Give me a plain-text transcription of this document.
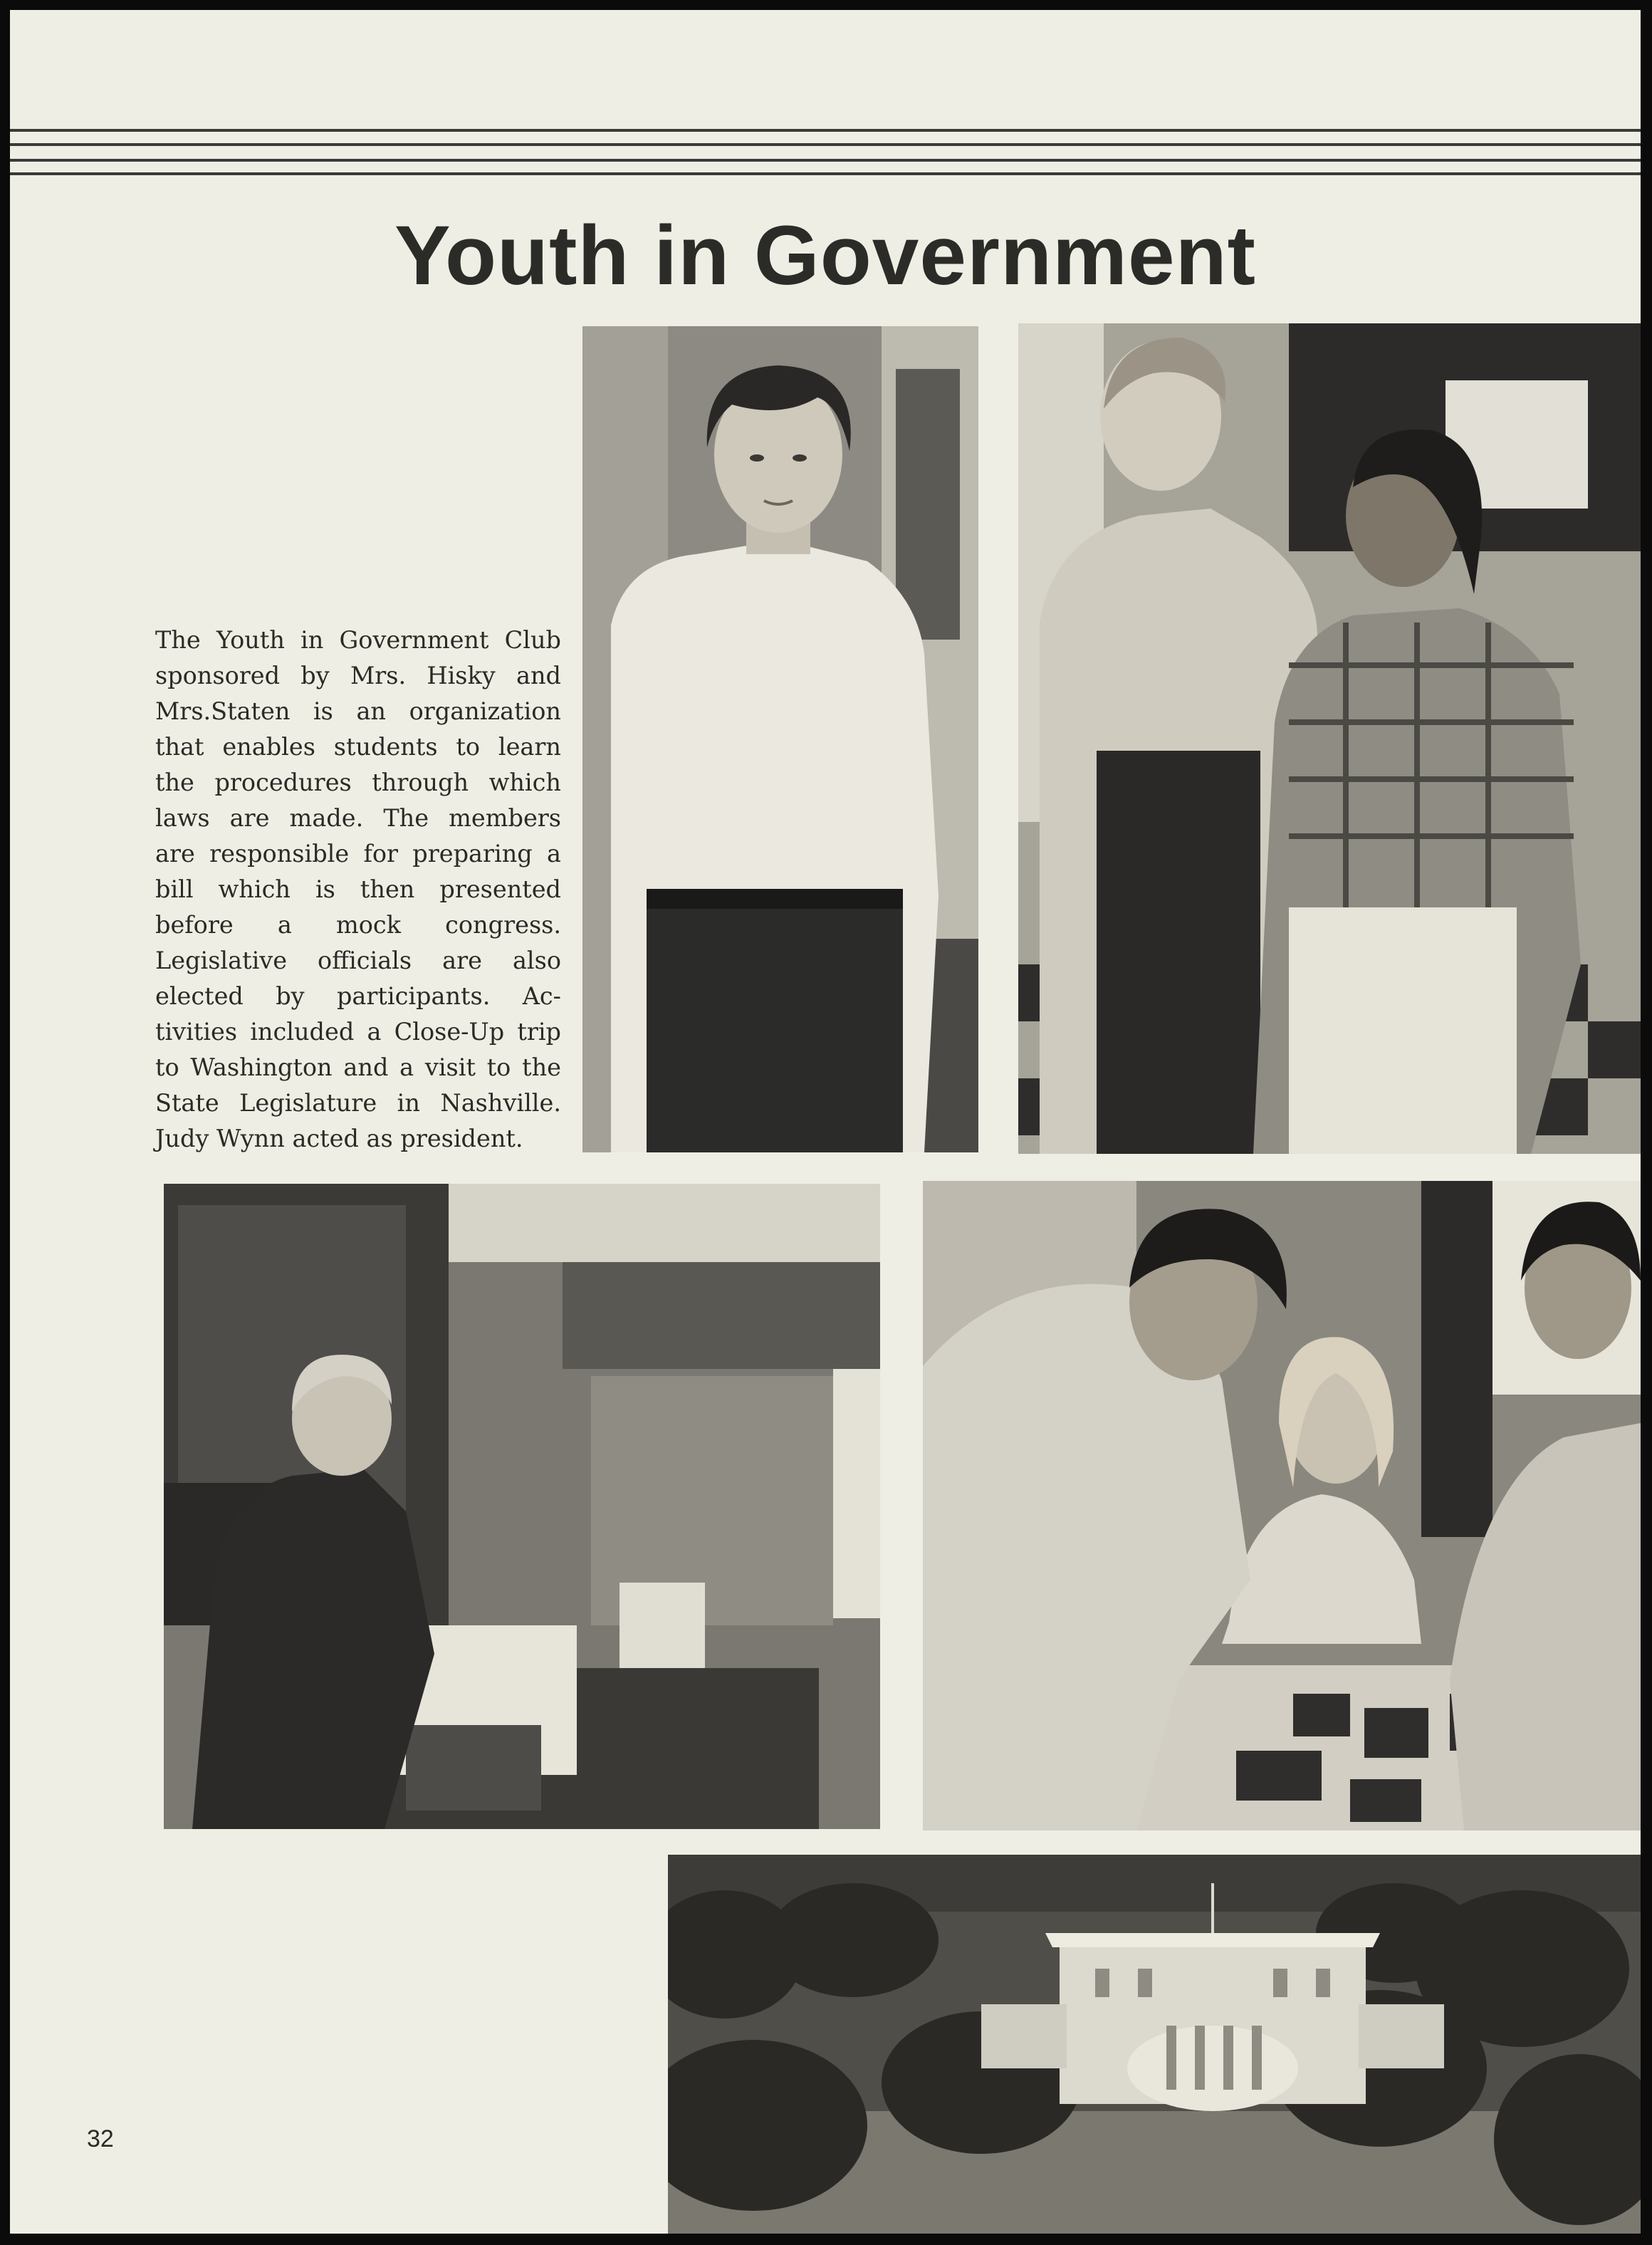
Youth in Government
The Youth in Government Club
sponsored by Mrs. Hisky and
Mrs.Staten is an organization
that enables students to learn
the procedures through which
laws are made. The members
are responsible for preparing a
bill which is then presented
before a mock congress.
Legislative officials are also
elected by participants. Ac-
tivities included a Close-Up trip
to Washington and a visit to the
State Legislature in Nashville.
Judy Wynn acted as president.
32
